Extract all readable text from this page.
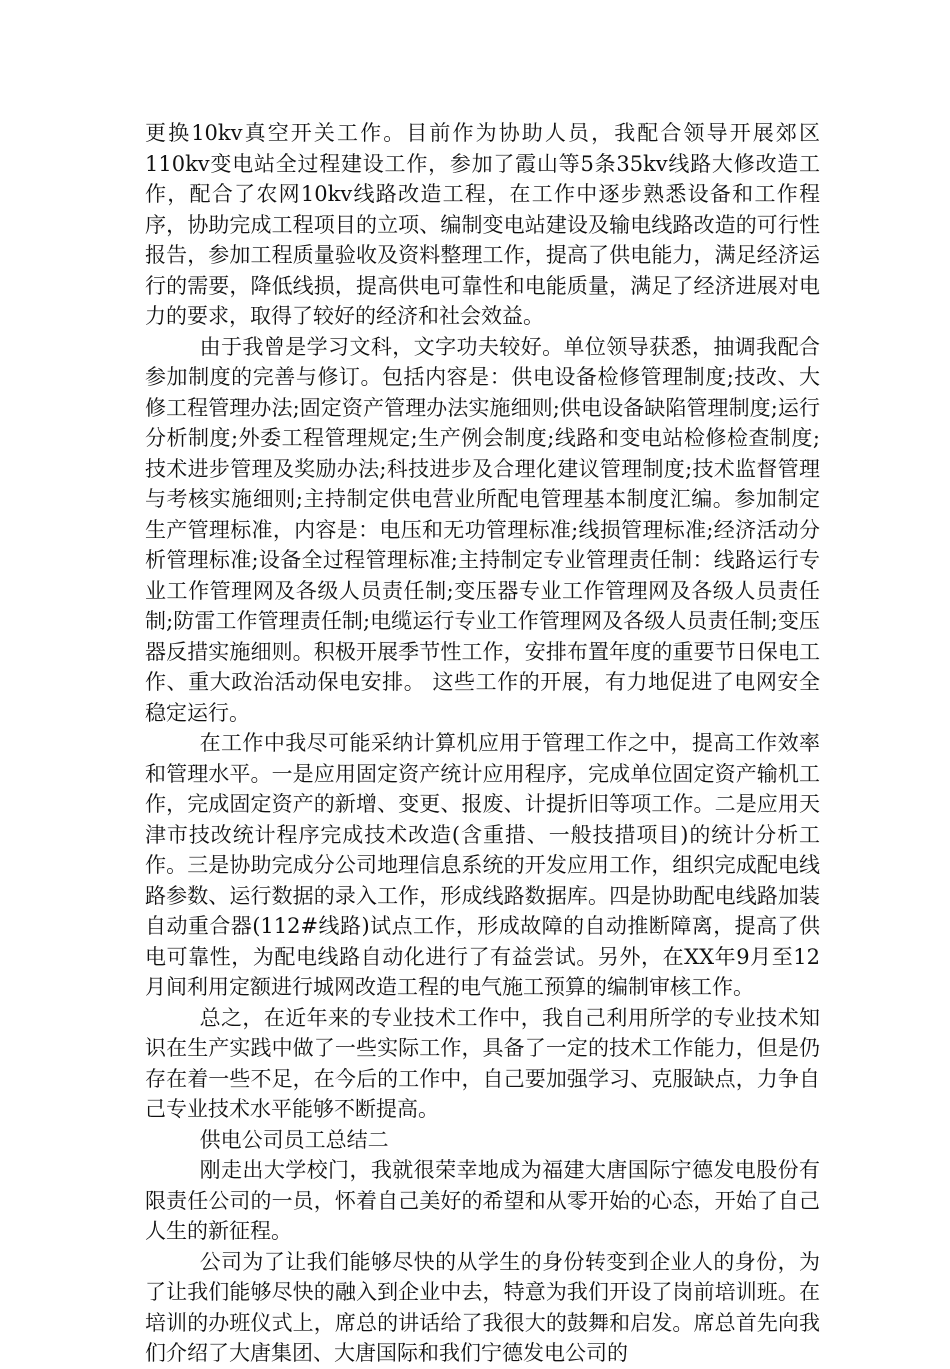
更换10kv真空开关工作。目前作为协助人员，我配合领导开展郊区110kv变电站全过程建设工作，参加了霞山等5条35kv线路大修改造工作，配合了农网10kv线路改造工程，在工作中逐步熟悉设备和工作程序，协助完成工程项目的立项、编制变电站建设及输电线路改造的可行性报告，参加工程质量验收及资料整理工作，提高了供电能力，满足经济运行的需要，降低线损，提高供电可靠性和电能质量，满足了经济进展对电力的要求，取得了较好的经济和社会效益。

由于我曾是学习文科，文字功夫较好。单位领导获悉，抽调我配合参加制度的完善与修订。包括内容是：供电设备检修管理制度;技改、大修工程管理办法;固定资产管理办法实施细则;供电设备缺陷管理制度;运行分析制度;外委工程管理规定;生产例会制度;线路和变电站检修检查制度;技术进步管理及奖励办法;科技进步及合理化建议管理制度;技术监督管理与考核实施细则;主持制定供电营业所配电管理基本制度汇编。参加制定生产管理标准，内容是：电压和无功管理标准;线损管理标准;经济活动分析管理标准;设备全过程管理标准;主持制定专业管理责任制：线路运行专业工作管理网及各级人员责任制;变压器专业工作管理网及各级人员责任制;防雷工作管理责任制;电缆运行专业工作管理网及各级人员责任制;变压器反措实施细则。积极开展季节性工作，安排布置年度的重要节日保电工作、重大政治活动保电安排。 这些工作的开展，有力地促进了电网安全稳定运行。

在工作中我尽可能采纳计算机应用于管理工作之中，提高工作效率和管理水平。一是应用固定资产统计应用程序，完成单位固定资产输机工作，完成固定资产的新增、变更、报废、计提折旧等项工作。二是应用天津市技改统计程序完成技术改造(含重措、一般技措项目)的统计分析工作。三是协助完成分公司地理信息系统的开发应用工作，组织完成配电线路参数、运行数据的录入工作，形成线路数据库。四是协助配电线路加装自动重合器(112#线路)试点工作，形成故障的自动推断障离，提高了供电可靠性，为配电线路自动化进行了有益尝试。另外，在XX年9月至12月间利用定额进行城网改造工程的电气施工预算的编制审核工作。

总之，在近年来的专业技术工作中，我自己利用所学的专业技术知识在生产实践中做了一些实际工作，具备了一定的技术工作能力，但是仍存在着一些不足，在今后的工作中，自己要加强学习、克服缺点，力争自己专业技术水平能够不断提高。

供电公司员工总结二

刚走出大学校门，我就很荣幸地成为福建大唐国际宁德发电股份有限责任公司的一员，怀着自己美好的希望和从零开始的心态，开始了自己人生的新征程。

公司为了让我们能够尽快的从学生的身份转变到企业人的身份，为了让我们能够尽快的融入到企业中去，特意为我们开设了岗前培训班。在培训的办班仪式上，席总的讲话给了我很大的鼓舞和启发。席总首先向我们介绍了大唐集团、大唐国际和我们宁德发电公司的
